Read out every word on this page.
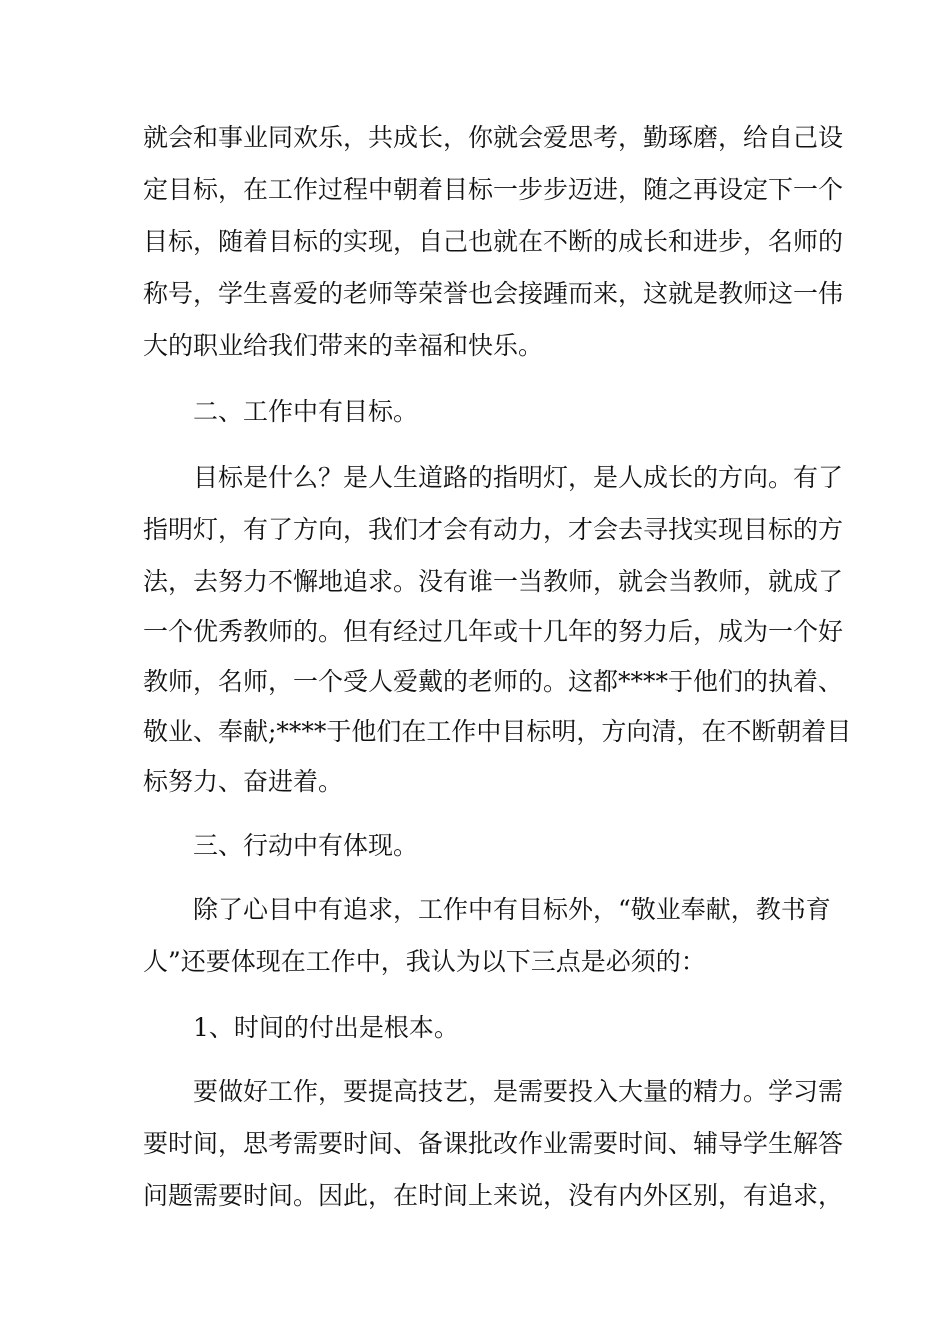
就会和事业同欢乐，共成长，你就会爱思考，勤琢磨，给自己设
定目标，在工作过程中朝着目标一步步迈进，随之再设定下一个
目标，随着目标的实现，自己也就在不断的成长和进步，名师的
称号，学生喜爱的老师等荣誉也会接踵而来，这就是教师这一伟
大的职业给我们带来的幸福和快乐。
二、工作中有目标。
目标是什么？是人生道路的指明灯，是人成长的方向。有了
指明灯，有了方向，我们才会有动力，才会去寻找实现目标的方
法，去努力不懈地追求。没有谁一当教师，就会当教师，就成了
一个优秀教师的。但有经过几年或十几年的努力后，成为一个好
教师，名师，一个受人爱戴的老师的。这都****于他们的执着、
敬业、奉献;****于他们在工作中目标明，方向清，在不断朝着目
标努力、奋进着。
三、行动中有体现。
除了心目中有追求，工作中有目标外，“敬业奉献，教书育
人”还要体现在工作中，我认为以下三点是必须的：
1、时间的付出是根本。
要做好工作，要提高技艺，是需要投入大量的精力。学习需
要时间，思考需要时间、备课批改作业需要时间、辅导学生解答
问题需要时间。因此，在时间上来说，没有内外区别，有追求，
